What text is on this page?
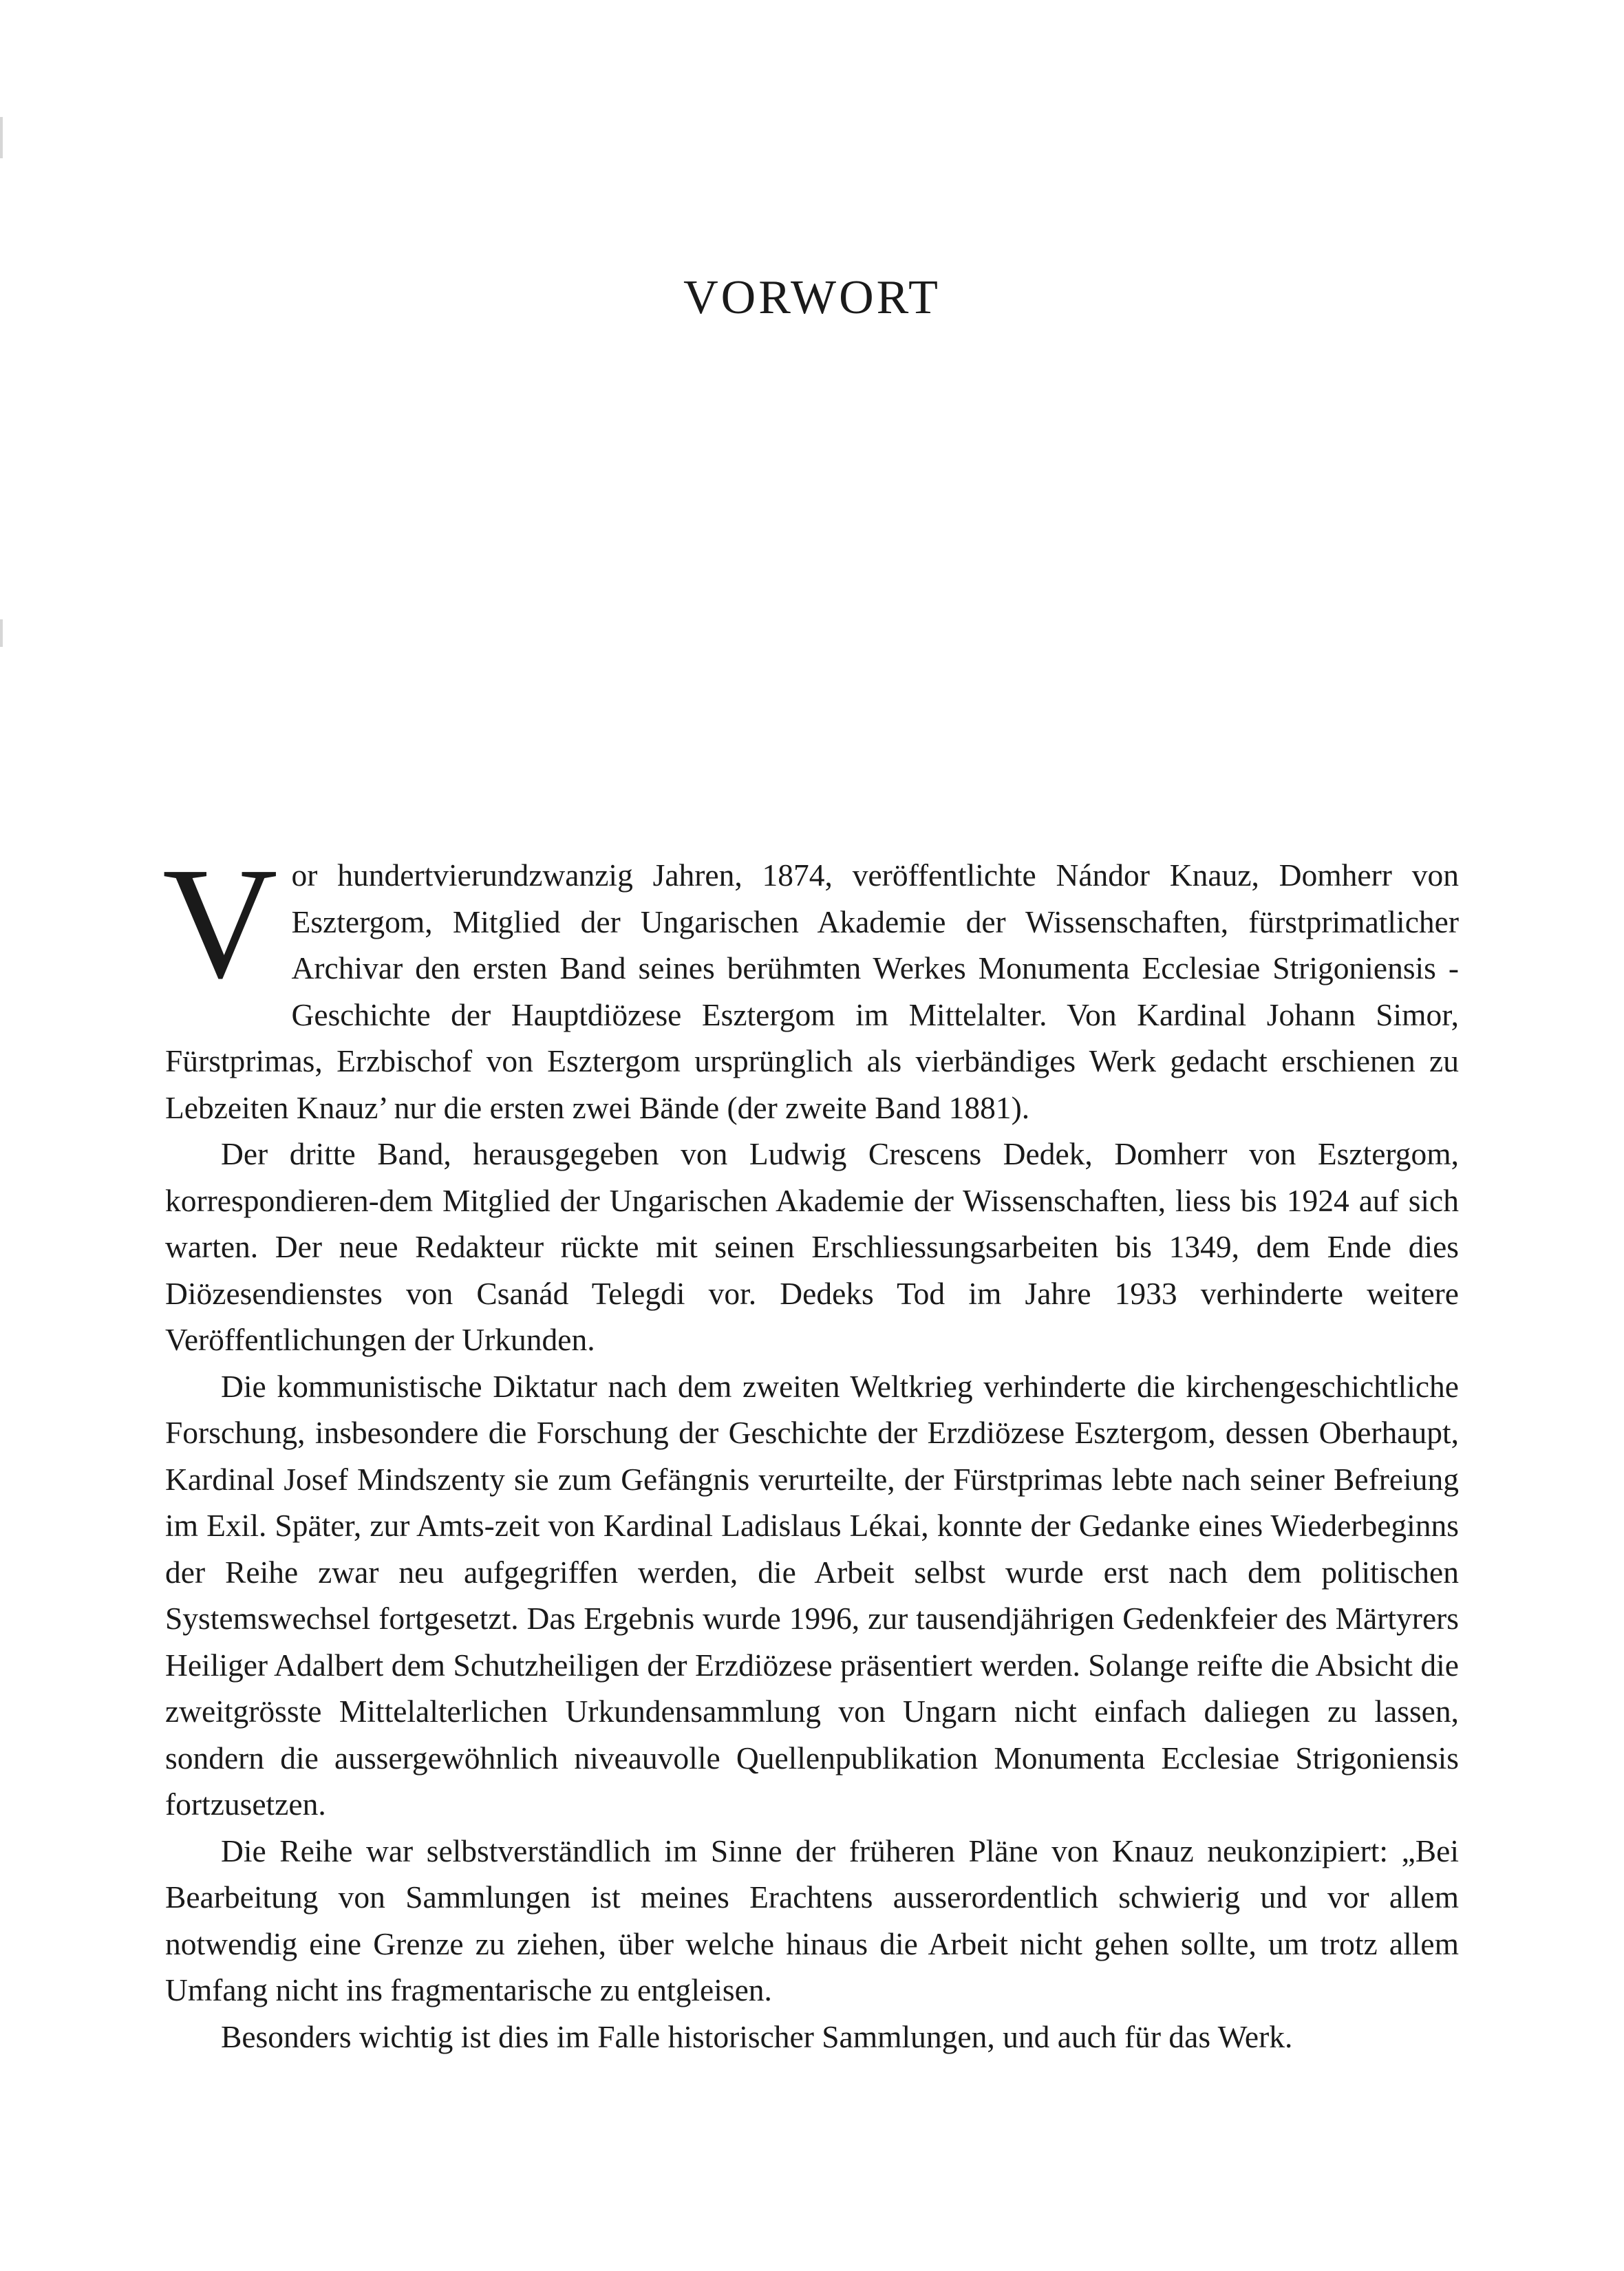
VORWORT

Vor hundertvierundzwanzig Jahren, 1874, veröffentlichte Nándor Knauz, Domherr von Esztergom, Mitglied der Ungarischen Akademie der Wissenschaften, fürstprimatlicher Archivar den ersten Band seines berühmten Werkes Monumenta Ecclesiae Strigoniensis - Geschichte der Hauptdiözese Esztergom im Mittelalter. Von Kardinal Johann Simor, Fürstprimas, Erzbischof von Esztergom ursprünglich als vierbändiges Werk gedacht erschienen zu Lebzeiten Knauz’ nur die ersten zwei Bände (der zweite Band 1881).

Der dritte Band, herausgegeben von Ludwig Crescens Dedek, Domherr von Esztergom, korrespondieren-dem Mitglied der Ungarischen Akademie der Wissenschaften, liess bis 1924 auf sich warten. Der neue Redakteur rückte mit seinen Erschliessungsarbeiten bis 1349, dem Ende dies Diözesendienstes von Csanád Telegdi vor. Dedeks Tod im Jahre 1933 verhinderte weitere Veröffentlichungen der Urkunden.

Die kommunistische Diktatur nach dem zweiten Weltkrieg verhinderte die kirchengeschichtliche Forschung, insbesondere die Forschung der Geschichte der Erzdiözese Esztergom, dessen Oberhaupt, Kardinal Josef Mindszenty sie zum Gefängnis verurteilte, der Fürstprimas lebte nach seiner Befreiung im Exil. Später, zur Amts-zeit von Kardinal Ladislaus Lékai, konnte der Gedanke eines Wiederbeginns der Reihe zwar neu aufgegriffen werden, die Arbeit selbst wurde erst nach dem politischen Systemswechsel fortgesetzt. Das Ergebnis wurde 1996, zur tausendjährigen Gedenkfeier des Märtyrers Heiliger Adalbert dem Schutzheiligen der Erzdiözese präsentiert werden. Solange reifte die Absicht die zweitgrösste Mittelalterlichen Urkundensammlung von Ungarn nicht einfach daliegen zu lassen, sondern die aussergewöhnlich niveauvolle Quellenpublikation Monumenta Ecclesiae Strigoniensis fortzusetzen.

Die Reihe war selbstverständlich im Sinne der früheren Pläne von Knauz neukonzipiert: „Bei Bearbeitung von Sammlungen ist meines Erachtens ausserordentlich schwierig und vor allem notwendig eine Grenze zu ziehen, über welche hinaus die Arbeit nicht gehen sollte, um trotz allem Umfang nicht ins fragmentarische zu entgleisen.

Besonders wichtig ist dies im Falle historischer Sammlungen, und auch für das Werk.
